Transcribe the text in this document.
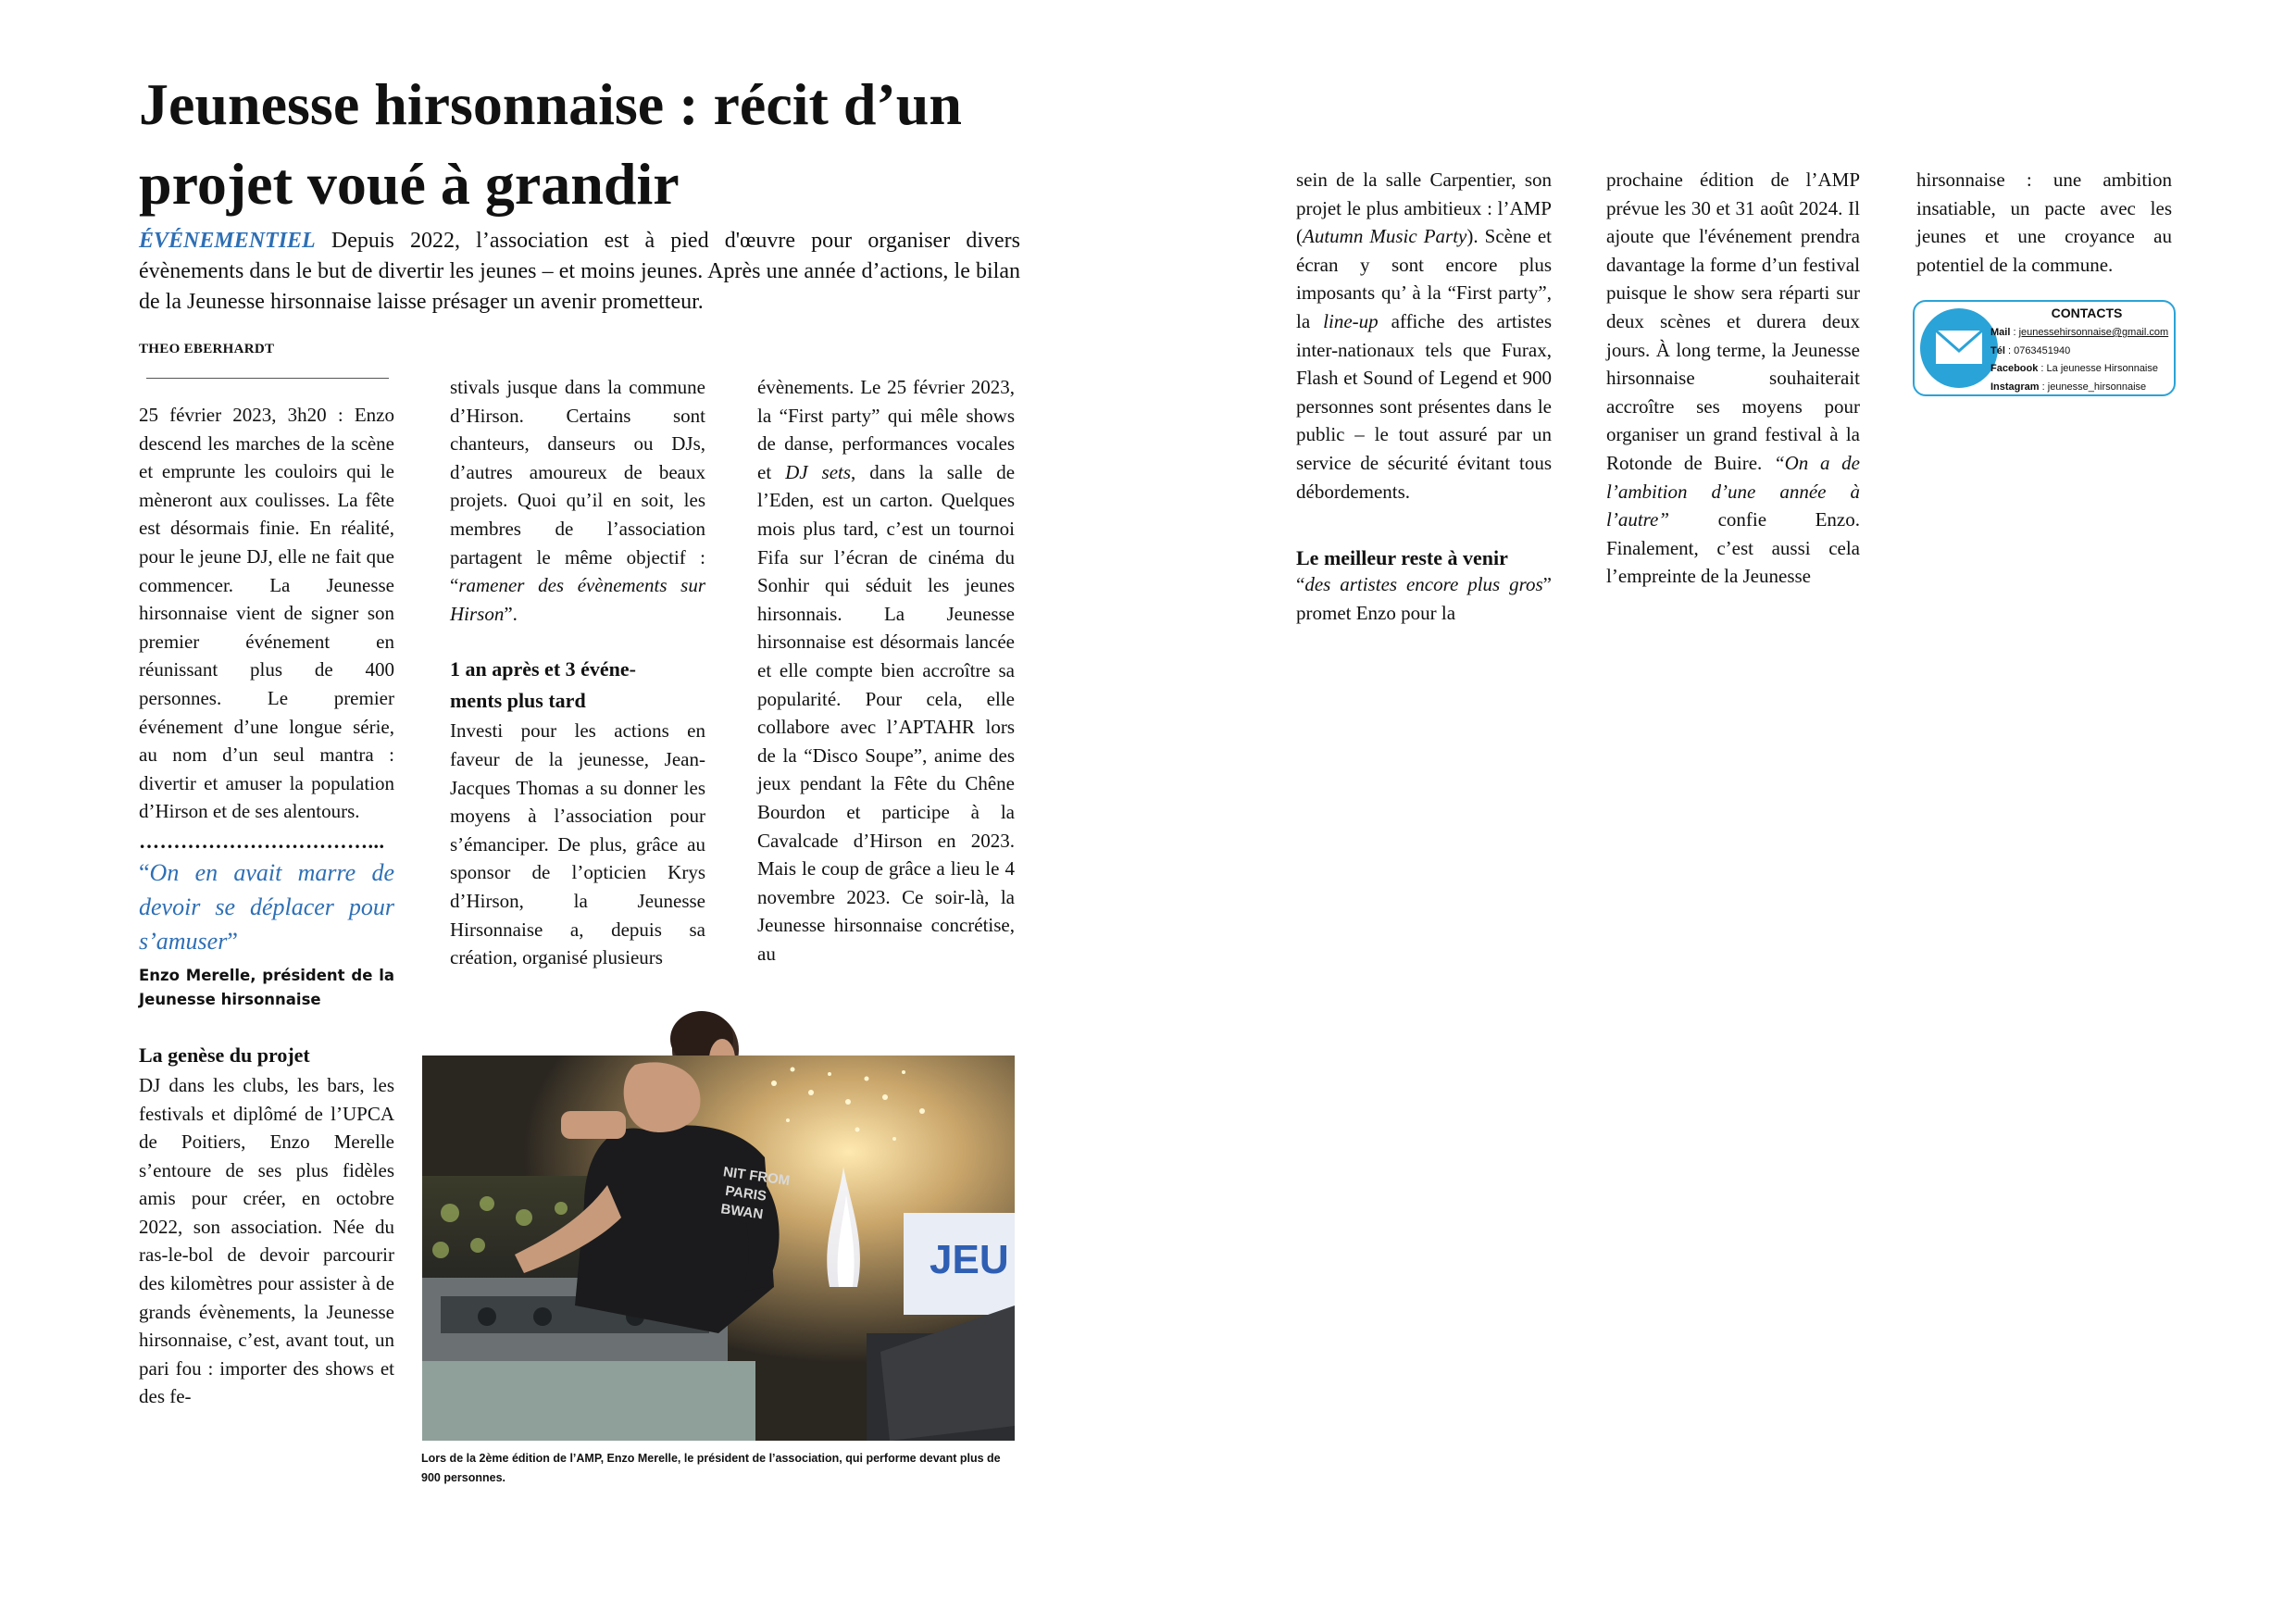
Jeunesse hirsonnaise : récit d’un
projet voué à grandir
ÉVÉNEMENTIEL Depuis 2022, l’association est à pied d'œuvre pour organiser divers évènements dans le but de divertir les jeunes – et moins jeunes. Après une année d’actions, le bilan de la Jeunesse hirsonnaise laisse présager un avenir prometteur.
THEO EBERHARDT

25 février 2023, 3h20 : Enzo descend les marches de la scène et emprunte les couloirs qui le mèneront aux coulisses. La fête est désormais finie. En réalité, pour le jeune DJ, elle ne fait que commencer. La Jeunesse hirsonnaise vient de signer son premier événement en réunissant plus de 400 personnes. Le premier événement d’une longue série, au nom d’un seul mantra : divertir et amuser la population d’Hirson et de ses alentours.

……………………………...
“On en avait marre de devoir se déplacer pour s’amuser”
Enzo Merelle, président de la Jeunesse hirsonnaise
La genèse du projet

DJ dans les clubs, les bars, les festivals et diplômé de l’UPCA de Poitiers, Enzo Merelle s’entoure de ses plus fidèles amis pour créer, en octobre 2022, son association. Née du ras-le-bol de devoir parcourir des kilomètres pour assister à de grands évènements, la Jeunesse hirsonnaise, c’est, avant tout, un pari fou : importer des shows et des fe-

stivals jusque dans la commune d’Hirson. Certains sont chanteurs, danseurs ou DJs, d’autres amoureux de beaux projets. Quoi qu’il en soit, les membres de l’association partagent le même objectif : “ramener des évènements sur Hirson”.

1 an après et 3 événe-
ments plus tard

Investi pour les actions en faveur de la jeunesse, Jean-Jacques Thomas a su donner les moyens à l’association pour s’émanciper. De plus, grâce au sponsor de l’opticien Krys d’Hirson, la Jeunesse Hirsonnaise a, depuis sa création, organisé plusieurs

évènements. Le 25 février 2023, la “First party” qui mêle shows de danse, performances vocales et DJ sets, dans la salle de l’Eden, est un carton. Quelques mois plus tard, c’est un tournoi Fifa sur l’écran de cinéma du Sonhir qui séduit les jeunes hirsonnais. La Jeunesse hirsonnaise est désormais lancée et elle compte bien accroître sa popularité. Pour cela, elle collabore avec l’APTAHR lors de la “Disco Soupe”, anime des jeux pendant la Fête du Chêne Bourdon et participe à la Cavalcade d’Hirson en 2023. Mais le coup de grâce a lieu le 4 novembre 2023. Ce soir-là, la Jeunesse hirsonnaise concrétise, au

JEU
NIT FROM PARIS BWAN
Lors de la 2ème édition de l’AMP, Enzo Merelle, le président de l’association, qui performe devant plus de 900 personnes.

sein de la salle Carpentier, son projet le plus ambitieux : l’AMP (Autumn Music Party). Scène et écran y sont encore plus imposants qu’ à la “First party”, la line-up affiche des artistes inter-nationaux tels que Furax, Flash et Sound of Legend et 900 personnes sont présentes dans le public – le tout assuré par un service de sécurité évitant tous débordements.

Le meilleur reste à venir

“des artistes encore plus gros” promet Enzo pour la

prochaine édition de l’AMP prévue les 30 et 31 août 2024. Il ajoute que l'événement prendra davantage la forme d’un festival puisque le show sera réparti sur deux scènes et durera deux jours. À long terme, la Jeunesse hirsonnaise souhaiterait accroître ses moyens pour organiser un grand festival à la Rotonde de Buire. “On a de l’ambition d’une année à l’autre” confie Enzo. Finalement, c’est aussi cela l’empreinte de la Jeunesse

hirsonnaise : une ambition insatiable, un pacte avec les jeunes et une croyance au potentiel de la commune.

CONTACTS
Mail : jeunessehirsonnaise@gmail.com
Tél : 0763451940
Facebook : La jeunesse Hirsonnaise
Instagram : jeunesse_hirsonnaise
